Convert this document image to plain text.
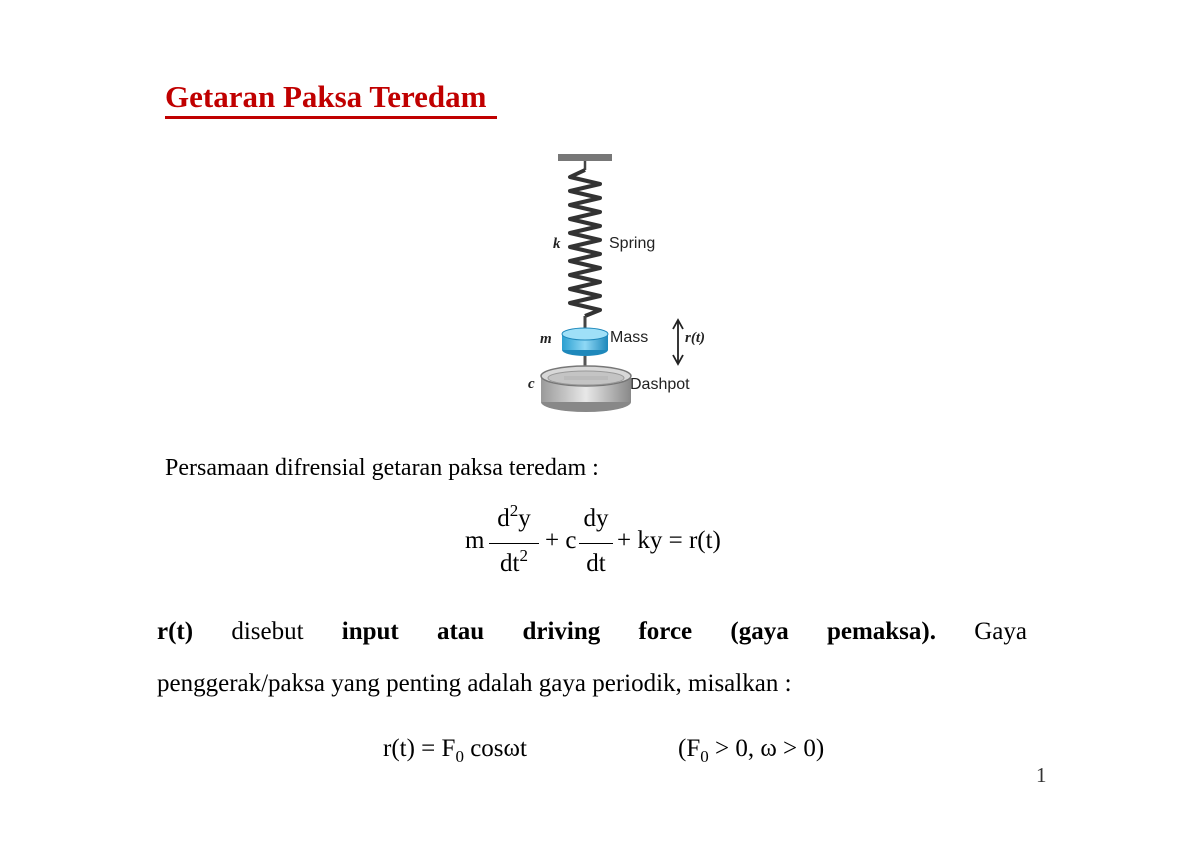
Getaran Paksa Teredam
k	Spring
m	Mass r(t)
c	Dashpot

Persamaan difrensial getaran paksa teredam :

m
$d^2y$
$dt^2$
+ c
dy
dt
+ ky = r(t)

r(t) disebut input atau driving force (gaya pemaksa). Gaya

penggerak/paksa yang penting adalah gaya periodik, misalkan :

$r(t) = F_0$ cosωt	($F_0 > 0$, ω > 0)
1
